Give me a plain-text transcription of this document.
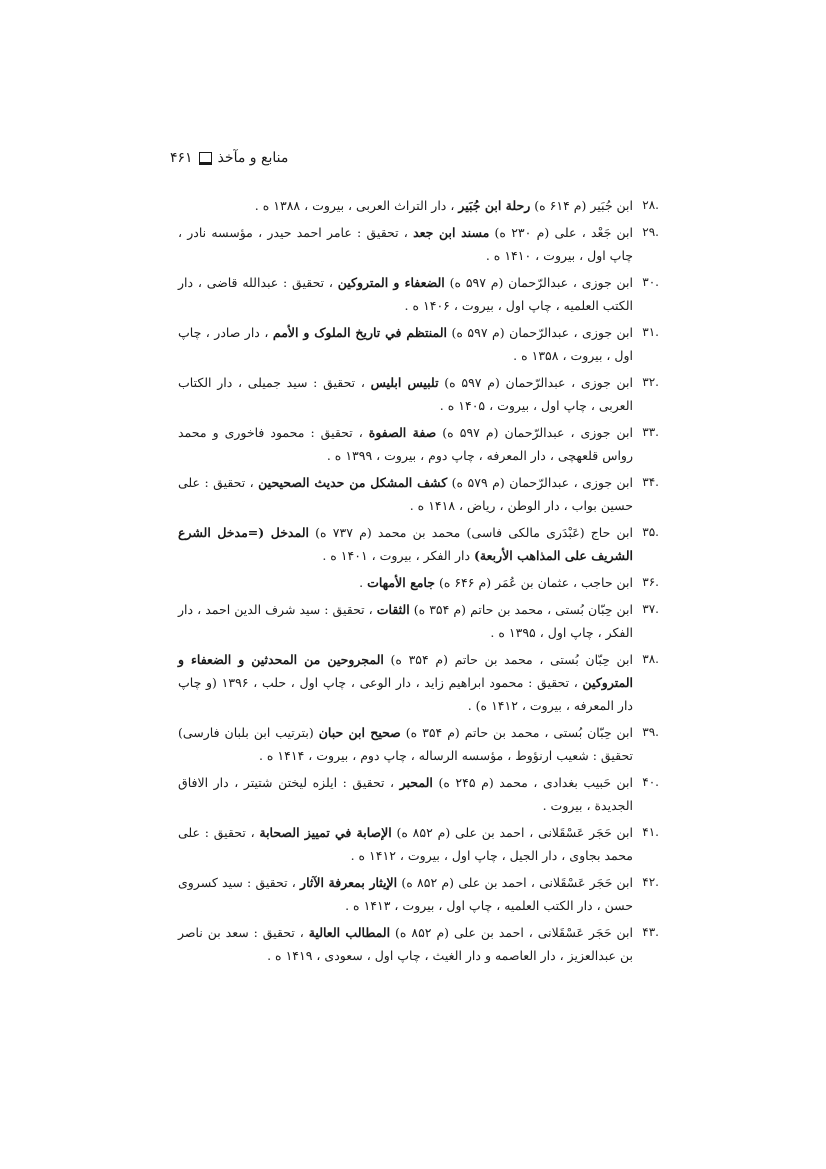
۴۶۱ منابع و مآخذ
۲۸.
ابن جُبَیر (م ۶۱۴ ه) رحلة ابن جُبَیر ، دار التراث العربی ، بیروت ، ۱۳۸۸ ه .
۲۹.
ابن جَعْد ، علی (م ۲۳۰ ه) مسند ابن جعد ، تحقیق : عامر احمد حیدر ، مؤسسه نادر ، چاپ اول ، بیروت ، ۱۴۱۰ ه .
۳۰.
ابن جوزی ، عبدالرّحمان (م ۵۹۷ ه) الضعفاء و المتروکین ، تحقیق : عبدالله قاضی ، دار الکتب العلمیه ، چاپ اول ، بیروت ، ۱۴۰۶ ه .
۳۱.
ابن جوزی ، عبدالرّحمان (م ۵۹۷ ه) المنتظم في تاریخ الملوک و الأمم ، دار صادر ، چاپ اول ، بیروت ، ۱۳۵۸ ه .
۳۲.
ابن جوزی ، عبدالرّحمان (م ۵۹۷ ه) تلبیس ابلیس ، تحقیق : سید جمیلی ، دار الکتاب العربی ، چاپ اول ، بیروت ، ۱۴۰۵ ه .
۳۳.
ابن جوزی ، عبدالرّحمان (م ۵۹۷ ه) صفة الصفوة ، تحقیق : محمود فاخوری و محمد رواس قلعهچی ، دار المعرفه ، چاپ دوم ، بیروت ، ۱۳۹۹ ه .
۳۴.
ابن جوزی ، عبدالرّحمان (م ۵۷۹ ه) کشف المشکل من حدیث الصحیحین ، تحقیق : علی حسین بواب ، دار الوطن ، ریاض ، ۱۴۱۸ ه .
۳۵.
ابن حاج (عَبْدَری مالکی فاسی) محمد بن محمد (م ۷۳۷ ه) المدخل (=مدخل الشرع الشریف علی المذاهب الأربعة) دار الفکر ، بیروت ، ۱۴۰۱ ه .
۳۶.
ابن حاجب ، عثمان بن عُمَر (م ۶۴۶ ه) جامع الأمهات .
۳۷.
ابن حِبّان بُستی ، محمد بن حاتم (م ۳۵۴ ه) الثقات ، تحقیق : سید شرف الدین احمد ، دار الفکر ، چاپ اول ، ۱۳۹۵ ه .
۳۸.
ابن حِبّان بُستی ، محمد بن حاتم (م ۳۵۴ ه) المجروحین من المحدثین و الضعفاء و المتروکین ، تحقیق : محمود ابراهیم زاید ، دار الوعی ، چاپ اول ، حلب ، ۱۳۹۶ (و چاپ دار المعرفه ، بیروت ، ۱۴۱۲ ه) .
۳۹.
ابن حِبّان بُستی ، محمد بن حاتم (م ۳۵۴ ه) صحیح ابن حبان (بترتیب ابن بلبان فارسی) تحقیق : شعیب ارنؤوط ، مؤسسه الرساله ، چاپ دوم ، بیروت ، ۱۴۱۴ ه .
۴۰.
ابن حَبیب بغدادی ، محمد (م ۲۴۵ ه) المحبر ، تحقیق : ایلزه لیختن شتیتر ، دار الافاق الجدیدة ، بیروت .
۴۱.
ابن حَجَر عَسْقَلانی ، احمد بن علی (م ۸۵۲ ه) الإصابة في تمییز الصحابة ، تحقیق : علی محمد بجاوی ، دار الجیل ، چاپ اول ، بیروت ، ۱۴۱۲ ه .
۴۲.
ابن حَجَر عَسْقَلانی ، احمد بن علی (م ۸۵۲ ه) الإیثار بمعرفة الآثار ، تحقیق : سید کسروی حسن ، دار الکتب العلمیه ، چاپ اول ، بیروت ، ۱۴۱۳ ه .
۴۳.
ابن حَجَر عَسْقَلانی ، احمد بن علی (م ۸۵۲ ه) المطالب العالیة ، تحقیق : سعد بن ناصر بن عبدالعزیز ، دار العاصمه و دار الغیث ، چاپ اول ، سعودی ، ۱۴۱۹ ه .
